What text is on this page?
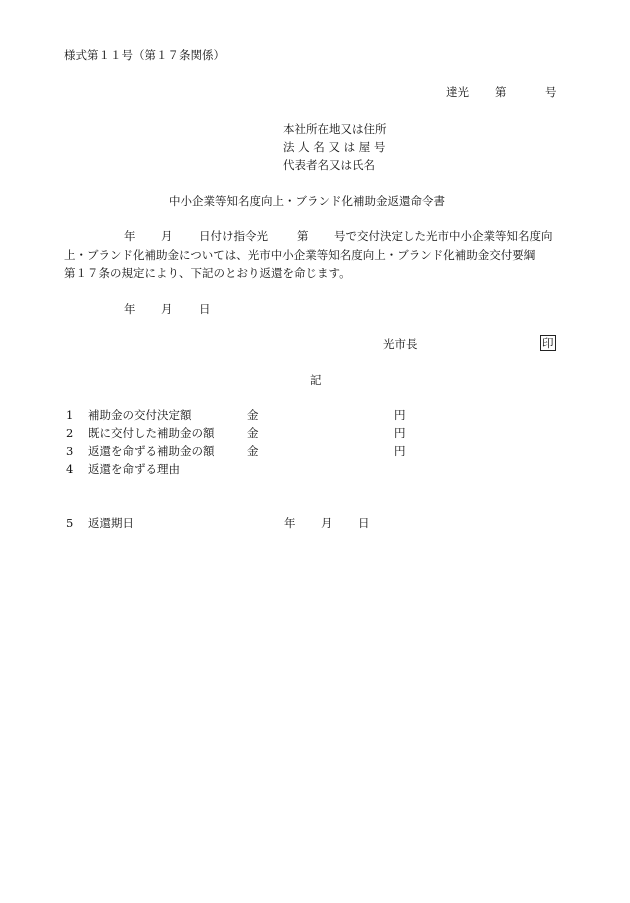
様式第１１号（第１７条関係）
達光 第	号
本社所在地又は住所
法 人 名 又 は 屋 号
代表者名又は氏名
中小企業等知名度向上・ブランド化補助金返還命令書
年 月 日付け指令光	第 号で交付決定した光市中小企業等知名度向
上・ブランド化補助金については、光市中小企業等知名度向上・ブランド化補助金交付要綱
第１７条の規定により、下記のとおり返還を命じます。
年 月 日
光市長	印
記
1 補助金の交付決定額	金	円
2 既に交付した補助金の額	金	円
3 返還を命ずる補助金の額	金	円
4 返還を命ずる理由
5 返還期日	年 月 日
